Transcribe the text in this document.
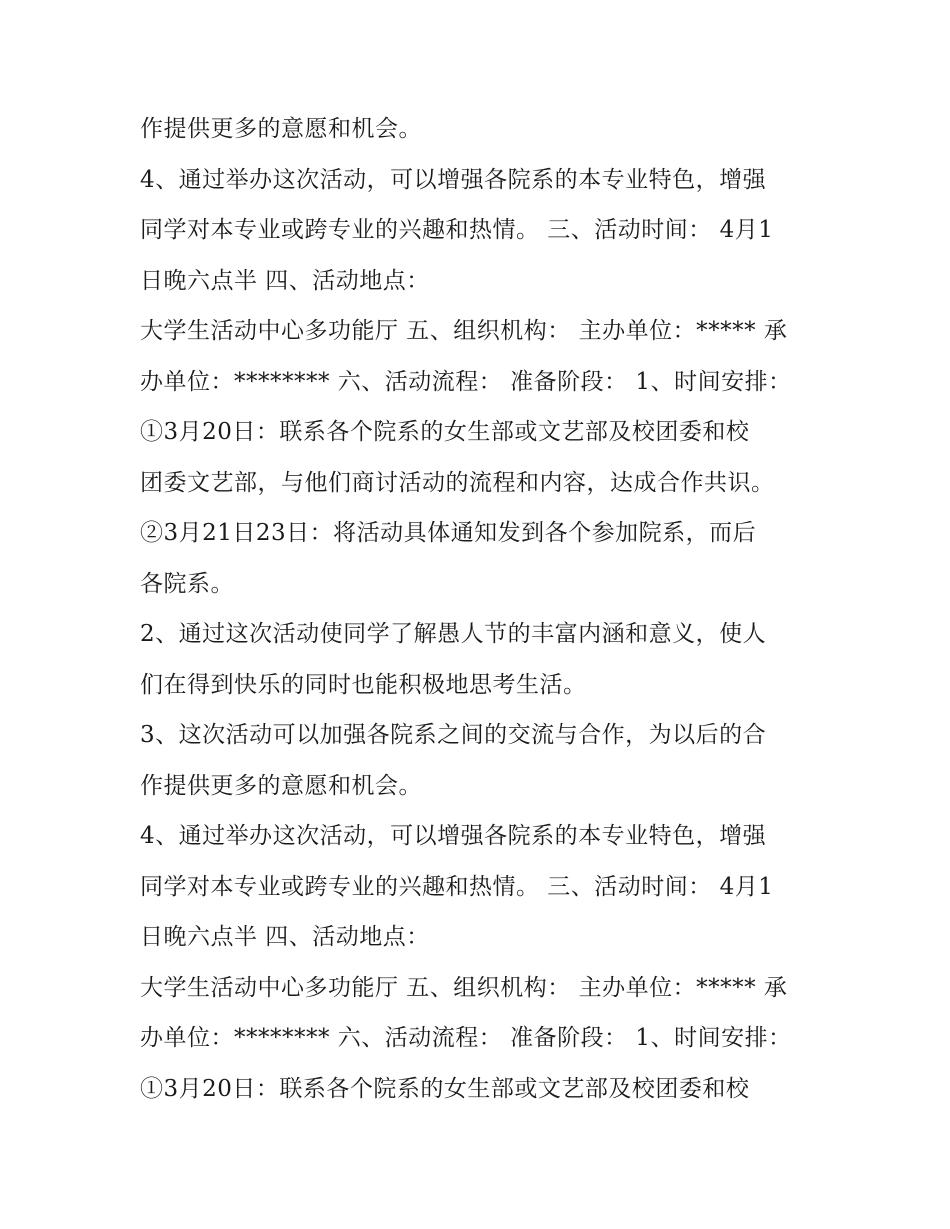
作提供更多的意愿和机会。
4、通过举办这次活动，可以增强各院系的本专业特色，增强
同学对本专业或跨专业的兴趣和热情。 三、活动时间： 4月1
日晚六点半 四、活动地点：
大学生活动中心多功能厅 五、组织机构： 主办单位：***** 承
办单位：******** 六、活动流程： 准备阶段： 1、时间安排：
①3月20日：联系各个院系的女生部或文艺部及校团委和校
团委文艺部，与他们商讨活动的流程和内容，达成合作共识。
②3月21日23日：将活动具体通知发到各个参加院系，而后
各院系。
2、通过这次活动使同学了解愚人节的丰富内涵和意义，使人
们在得到快乐的同时也能积极地思考生活。
3、这次活动可以加强各院系之间的交流与合作，为以后的合
作提供更多的意愿和机会。
4、通过举办这次活动，可以增强各院系的本专业特色，增强
同学对本专业或跨专业的兴趣和热情。 三、活动时间： 4月1
日晚六点半 四、活动地点：
大学生活动中心多功能厅 五、组织机构： 主办单位：***** 承
办单位：******** 六、活动流程： 准备阶段： 1、时间安排：
①3月20日：联系各个院系的女生部或文艺部及校团委和校
